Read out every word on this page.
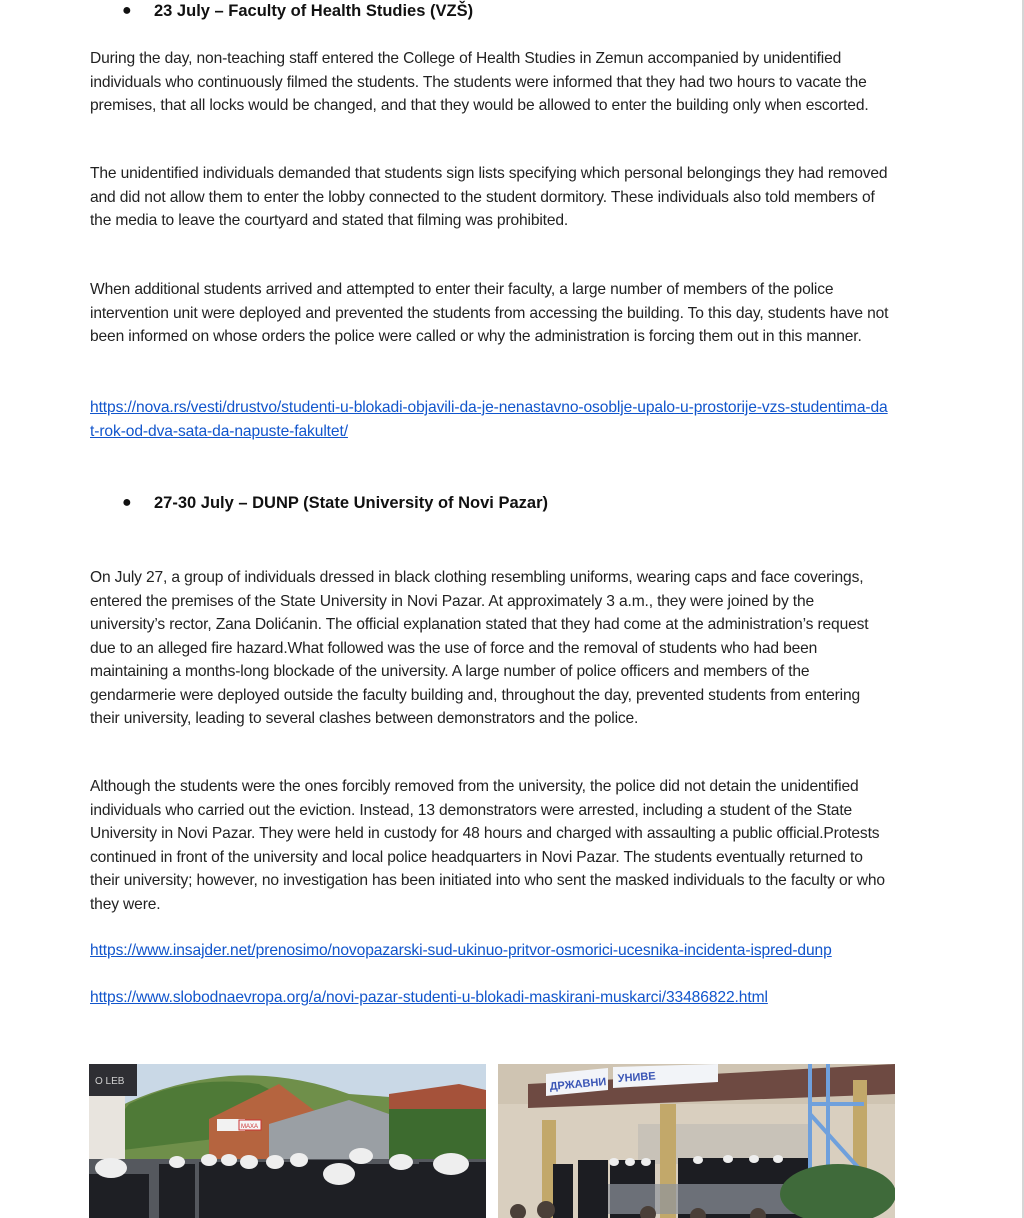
● 23 July – Faculty of Health Studies (VZŠ)
During the day, non-teaching staff entered the College of Health Studies in Zemun accompanied by unidentified individuals who continuously filmed the students. The students were informed that they had two hours to vacate the premises, that all locks would be changed, and that they would be allowed to enter the building only when escorted.
The unidentified individuals demanded that students sign lists specifying which personal belongings they had removed and did not allow them to enter the lobby connected to the student dormitory. These individuals also told members of the media to leave the courtyard and stated that filming was prohibited.
When additional students arrived and attempted to enter their faculty, a large number of members of the police intervention unit were deployed and prevented the students from accessing the building. To this day, students have not been informed on whose orders the police were called or why the administration is forcing them out in this manner.
https://nova.rs/vesti/drustvo/studenti-u-blokadi-objavili-da-je-nenastavno-osoblje-upalo-u-prostorije-vzs-studentima-dat-rok-od-dva-sata-da-napuste-fakultet/
● 27-30 July – DUNP (State University of Novi Pazar)
On July 27, a group of individuals dressed in black clothing resembling uniforms, wearing caps and face coverings, entered the premises of the State University in Novi Pazar. At approximately 3 a.m., they were joined by the university’s rector, Zana Dolićanin. The official explanation stated that they had come at the administration’s request due to an alleged fire hazard.What followed was the use of force and the removal of students who had been maintaining a months-long blockade of the university. A large number of police officers and members of the gendarmerie were deployed outside the faculty building and, throughout the day, prevented students from entering their university, leading to several clashes between demonstrators and the police.
Although the students were the ones forcibly removed from the university, the police did not detain the unidentified individuals who carried out the eviction. Instead, 13 demonstrators were arrested, including a student of the State University in Novi Pazar. They were held in custody for 48 hours and charged with assaulting a public official.Protests continued in front of the university and local police headquarters in Novi Pazar. The students eventually returned to their university; however, no investigation has been initiated into who sent the masked individuals to the faculty or who they were.
https://www.insajder.net/prenosimo/novopazarski-sud-ukinuo-pritvor-osmorici-ucesnika-incidenta-ispred-dunp
https://www.slobodnaevropa.org/a/novi-pazar-studenti-u-blokadi-maskirani-muskarci/33486822.html
O LEB
MAXA
ДРЖАВНИ УНИВЕ
